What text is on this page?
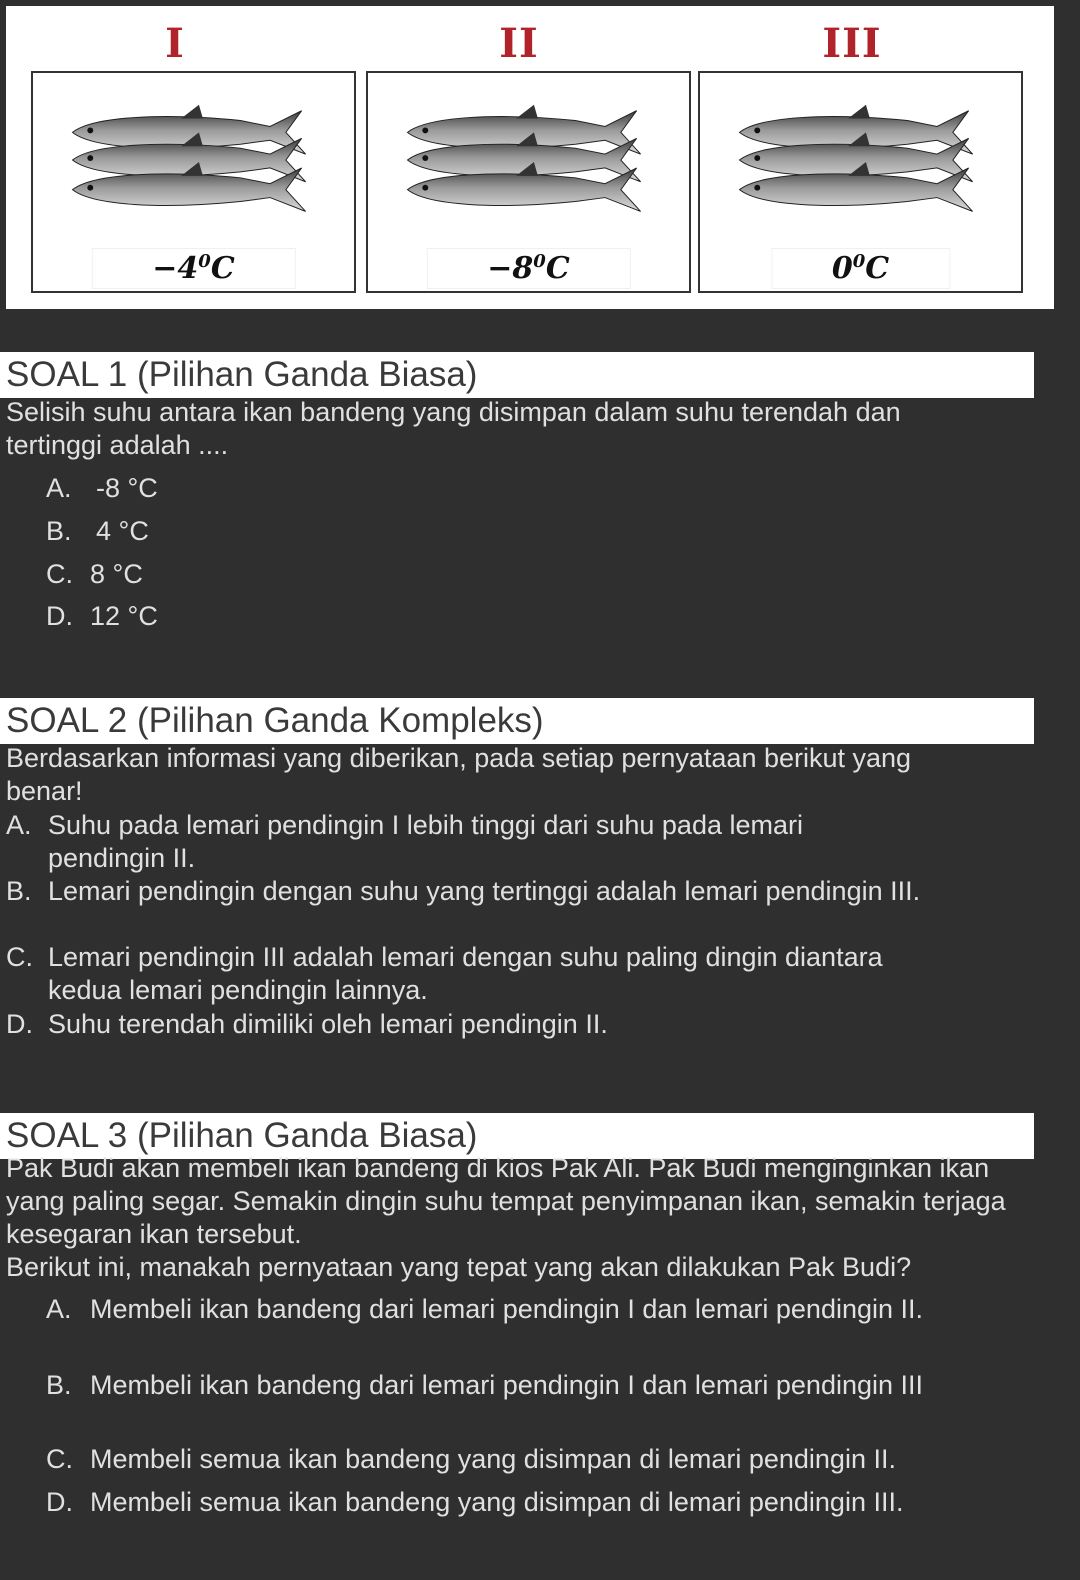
I	II	III
$-4^0C$	$-8^0C$	$0^0C$
SOAL 1 (Pilihan Ganda Biasa)
Selisih suhu antara ikan bandeng yang disimpan dalam suhu terendah dan tertinggi adalah ....
A. -8 °C
B. 4 °C
C. 8 °C
D. 12 °C
SOAL 2 (Pilihan Ganda Kompleks)
Berdasarkan informasi yang diberikan, pada setiap pernyataan berikut yang benar!
A. Suhu pada lemari pendingin I lebih tinggi dari suhu pada lemari pendingin II.
B. Lemari pendingin dengan suhu yang tertinggi adalah lemari pendingin III.
C. Lemari pendingin III adalah lemari dengan suhu paling dingin diantara kedua lemari pendingin lainnya.
D. Suhu terendah dimiliki oleh lemari pendingin II.
SOAL 3 (Pilihan Ganda Biasa)
Pak Budi akan membeli ikan bandeng di kios Pak Ali. Pak Budi menginginkan ikan yang paling segar. Semakin dingin suhu tempat penyimpanan ikan, semakin terjaga kesegaran ikan tersebut.
Berikut ini, manakah pernyataan yang tepat yang akan dilakukan Pak Budi?
A. Membeli ikan bandeng dari lemari pendingin I dan lemari pendingin II.
B. Membeli ikan bandeng dari lemari pendingin I dan lemari pendingin III
C. Membeli semua ikan bandeng yang disimpan di lemari pendingin II.
D. Membeli semua ikan bandeng yang disimpan di lemari pendingin III.
